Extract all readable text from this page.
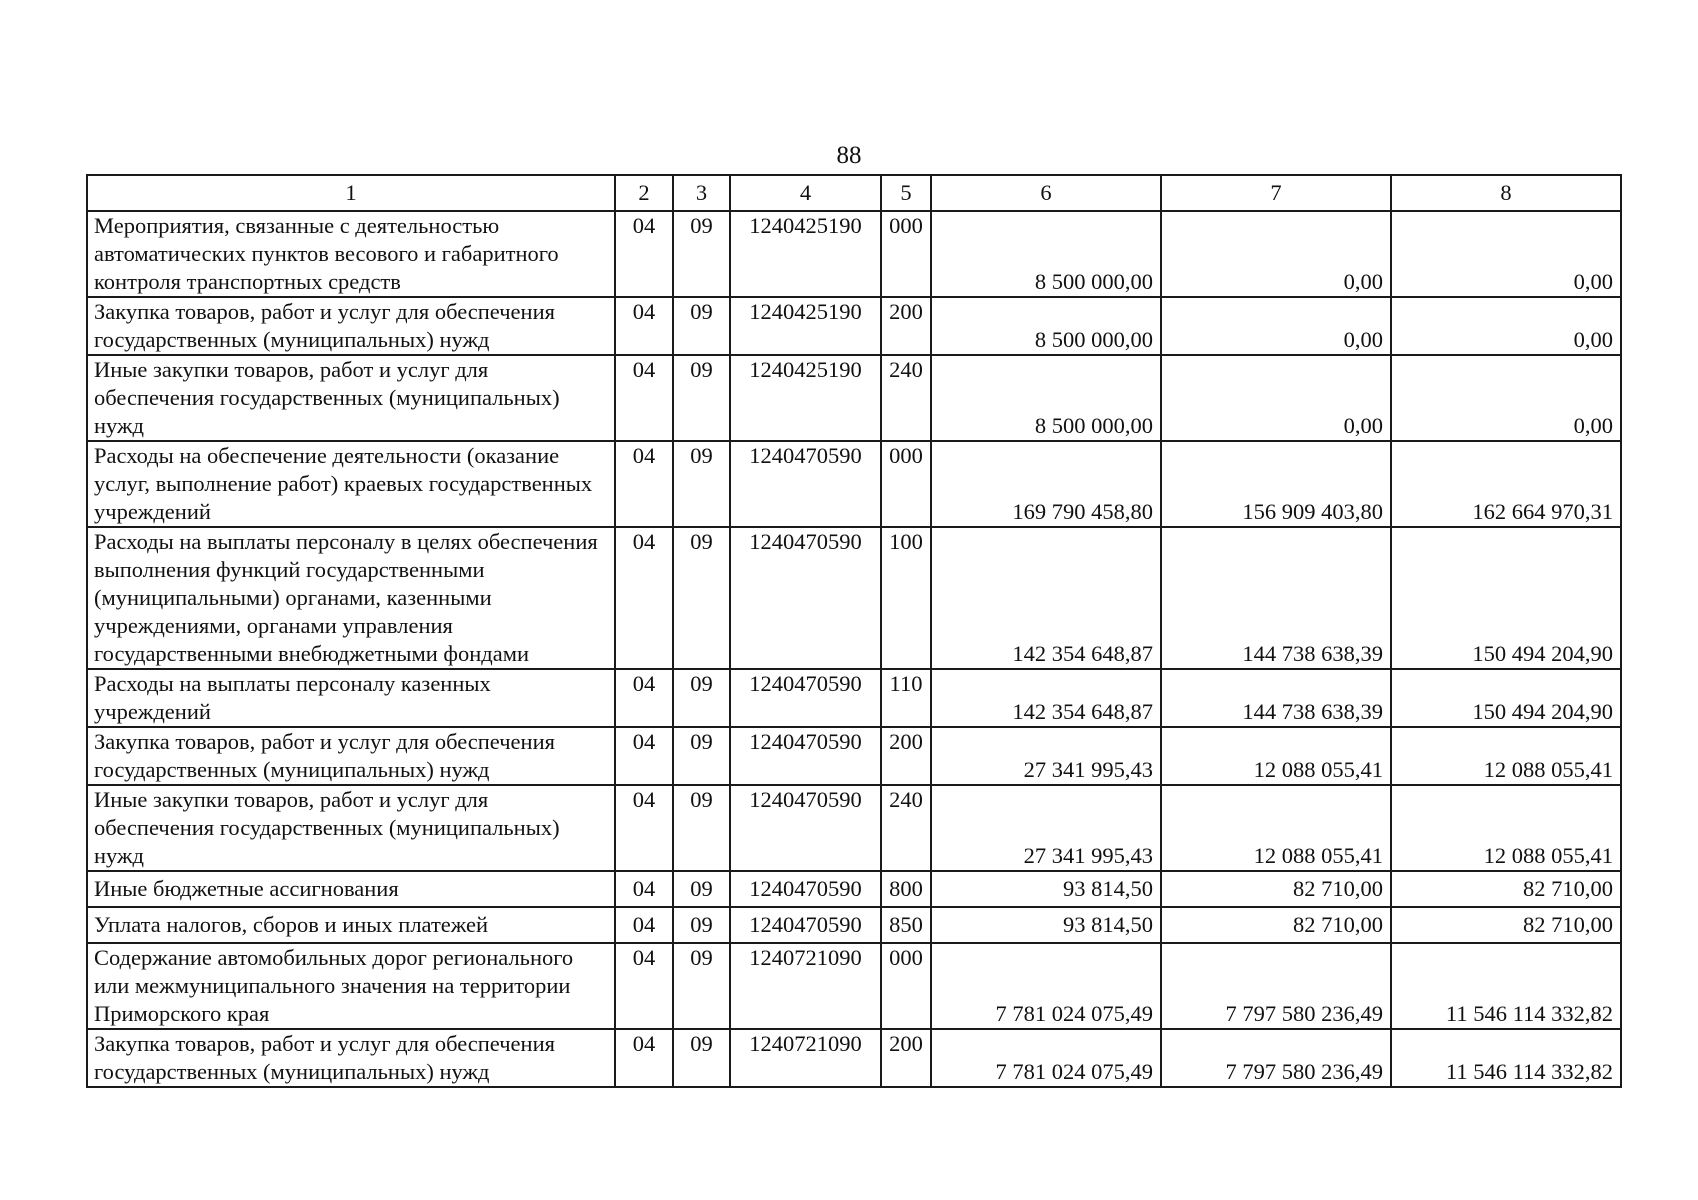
88
1	2	3	4	5	6	7	8
Мероприятия, связанные с деятельностью автоматических пунктов весового и габаритного контроля транспортных средств	04	09	1240425190	000	8 500 000,00	0,00	0,00
Закупка товаров, работ и услуг для обеспечения государственных (муниципальных) нужд	04	09	1240425190	200	8 500 000,00	0,00	0,00
Иные закупки товаров, работ и услуг для обеспечения государственных (муниципальных) нужд	04	09	1240425190	240	8 500 000,00	0,00	0,00
Расходы на обеспечение деятельности (оказание услуг, выполнение работ) краевых государственных учреждений	04	09	1240470590	000	169 790 458,80	156 909 403,80	162 664 970,31
Расходы на выплаты персоналу в целях обеспечения выполнения функций государственными (муниципальными) органами, казенными учреждениями, органами управления государственными внебюджетными фондами	04	09	1240470590	100	142 354 648,87	144 738 638,39	150 494 204,90
Расходы на выплаты персоналу казенных учреждений	04	09	1240470590	110	142 354 648,87	144 738 638,39	150 494 204,90
Закупка товаров, работ и услуг для обеспечения государственных (муниципальных) нужд	04	09	1240470590	200	27 341 995,43	12 088 055,41	12 088 055,41
Иные закупки товаров, работ и услуг для обеспечения государственных (муниципальных) нужд	04	09	1240470590	240	27 341 995,43	12 088 055,41	12 088 055,41
Иные бюджетные ассигнования	04	09	1240470590	800	93 814,50	82 710,00	82 710,00
Уплата налогов, сборов и иных платежей	04	09	1240470590	850	93 814,50	82 710,00	82 710,00
Содержание автомобильных дорог регионального или межмуниципального значения на территории Приморского края	04	09	1240721090	000	7 781 024 075,49	7 797 580 236,49	11 546 114 332,82
Закупка товаров, работ и услуг для обеспечения государственных (муниципальных) нужд	04	09	1240721090	200	7 781 024 075,49	7 797 580 236,49	11 546 114 332,82
